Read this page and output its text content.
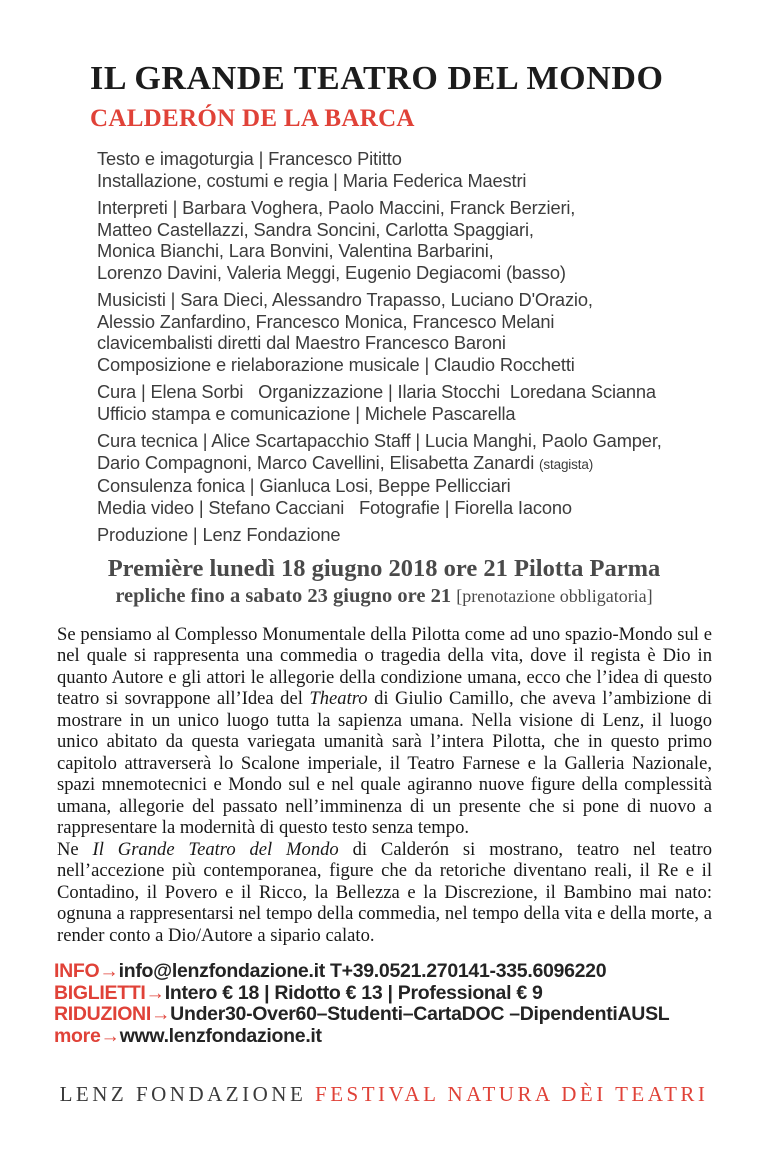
IL GRANDE TEATRO DEL MONDO
CALDERÓN DE LA BARCA
Testo e imagoturgia | Francesco Pititto
Installazione, costumi e regia | Maria Federica Maestri
Interpreti | Barbara Voghera, Paolo Maccini, Franck Berzieri,
Matteo Castellazzi, Sandra Soncini, Carlotta Spaggiari,
Monica Bianchi, Lara Bonvini, Valentina Barbarini,
Lorenzo Davini, Valeria Meggi, Eugenio Degiacomi (basso)
Musicisti | Sara Dieci, Alessandro Trapasso, Luciano D'Orazio,
Alessio Zanfardino, Francesco Monica, Francesco Melani
clavicembalisti diretti dal Maestro Francesco Baroni
Composizione e rielaborazione musicale | Claudio Rocchetti
Cura | Elena Sorbi   Organizzazione | Ilaria Stocchi  Loredana Scianna
Ufficio stampa e comunicazione | Michele Pascarella
Cura tecnica | Alice Scartapacchio Staff | Lucia Manghi, Paolo Gamper,
Dario Compagnoni, Marco Cavellini, Elisabetta Zanardi (stagista)
Consulenza fonica | Gianluca Losi, Beppe Pellicciari
Media video | Stefano Cacciani   Fotografie | Fiorella Iacono
Produzione | Lenz Fondazione
Première lunedì 18 giugno 2018 ore 21 Pilotta Parma
repliche fino a sabato 23 giugno ore 21 [prenotazione obbligatoria]

Se pensiamo al Complesso Monumentale della Pilotta come ad uno spazio-Mondo sul e nel quale si rappresenta una commedia o tragedia della vita, dove il regista è Dio in quanto Autore e gli attori le allegorie della condizione umana, ecco che l’idea di questo teatro si sovrappone all’Idea del Theatro di Giulio Camillo, che aveva l’ambizione di mostrare in un unico luogo tutta la sapienza umana. Nella visione di Lenz, il luogo unico abitato da questa variegata umanità sarà l’intera Pilotta, che in questo primo capitolo attraverserà lo Scalone imperiale, il Teatro Farnese e la Galleria Nazionale, spazi mnemotecnici e Mondo sul e nel quale agiranno nuove figure della complessità umana, allegorie del passato nell’imminenza di un presente che si pone di nuovo a rappresentare la modernità di questo testo senza tempo.

Ne Il Grande Teatro del Mondo di Calderón si mostrano, teatro nel teatro nell’accezione più contemporanea, figure che da retoriche diventano reali, il Re e il Contadino, il Povero e il Ricco, la Bellezza e la Discrezione, il Bambino mai nato: ognuna a rappresentarsi nel tempo della commedia, nel tempo della vita e della morte, a render conto a Dio/Autore a sipario calato.

INFO→info@lenzfondazione.it T+39.0521.270141-335.6096220
BIGLIETTI→Intero € 18 | Ridotto € 13 | Professional € 9
RIDUZIONI→Under30-Over60–Studenti–CartaDOC –DipendentiAUSL
more→www.lenzfondazione.it
LENZ FONDAZIONE FESTIVAL NATURA DÈI TEATRI
